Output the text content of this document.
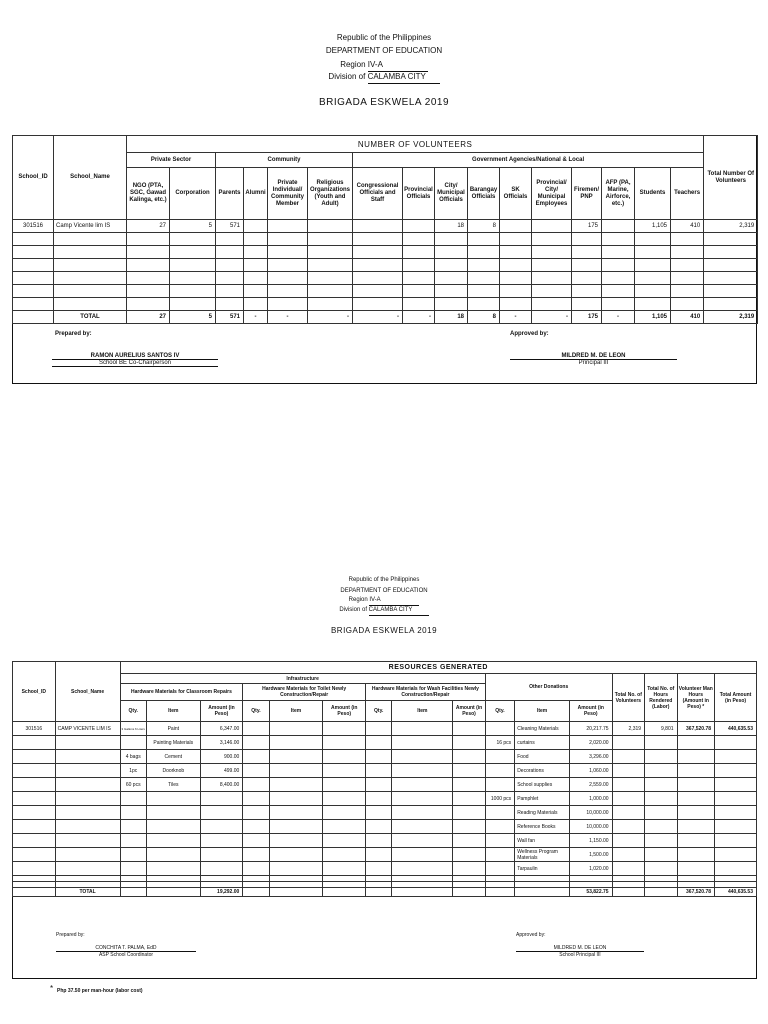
Republic of the Philippines
DEPARTMENT OF EDUCATION
Region IV-A
Division of CALAMBA CITY
BRIGADA ESKWELA 2019
School_ID	School_Name	NUMBER OF VOLUNTEERS																Total Number Of Volunteers
		Private Sector		Community				Government Agencies/National & Local										
		NGO (PTA, SGC, Gawad Kalinga, etc.)	Corporation	Parents	Alumni	Private Individual/ Community Member	Religious Organizations (Youth and Adult)	Congressional Officials and Staff	Provincial Officials	City/ Municipal Officials	Barangay Officials	SK Officials	Provincial/ City/ Municipal Employees	Firemen/ PNP	AFP (PA, Marine, Airforce, etc.)	Students	Teachers	
301516	Camp Vicente lim IS	27	5	571						18	8			175		1,105	410	2,319

	TOTAL	27	5	571	-	-	-	-	-	18	8	-	-	175	-	1,105	410	2,319
Prepared by:
RAMON AURELIUS SANTOS IV
School BE Co-Chairperson
Approved by:
MILDRED M. DE LEON
Principal III
Republic of the Philippines
DEPARTMENT OF EDUCATION
Region IV-A
Division of CALAMBA CITY
BRIGADA ESKWELA 2019
School_ID	School_Name	RESOURCES GENERATED															
		Infrastructure									Other Donations			Total No. of Volunteers	Total No. of Hours Rendered (Labor)	Volunteer Man Hours (Amount in Peso) *	Total Amount (in Peso)
		Hardware Materials for Classroom Repairs			Hardware Materials for Toilet Newly Construction/Repair			Hardware Materials for Wash Facilities Newly Construction/Repair									
		Qty.	Item	Amount (in Peso)	Qty.	Item	Amount (in Peso)	Qty.	Item	Amount (in Peso)	Qty.	Item	Amount (in Peso)				
301516	CAMP VICENTE LIM IS	3 Gallons 6 Liters	Paint	6,347.00								Cleaning Materials	20,217.75	2,319	9,801	367,520.78	440,635.53
			Painting Materials	3,146.00							16 pcs	curtains	2,020.00				
		4 bags	Cement	900.00								Food	3,296.00				
		1pc	Doorknob	499.00								Decorations	1,060.00				
		60 pcs	Tiles	8,400.00								School supplies	2,559.00				
											1000 pcs	Pamphlet	1,000.00				
												Reading Materials	10,000.00				
												Reference Books	10,000.00				
												Wall fan	1,150.00				
												Wellness Program Materials	1,500.00				
												Tarpaulin	1,020.00				

	TOTAL			19,292.00									53,822.75			367,520.78	440,635.53
Prepared by:
CONCHITA T. PALMA, EdD
ASP School Coordinator
Approved by:
MILDRED M. DE LEON
School Principal III
* Php 37.50 per man-hour (labor cost)
